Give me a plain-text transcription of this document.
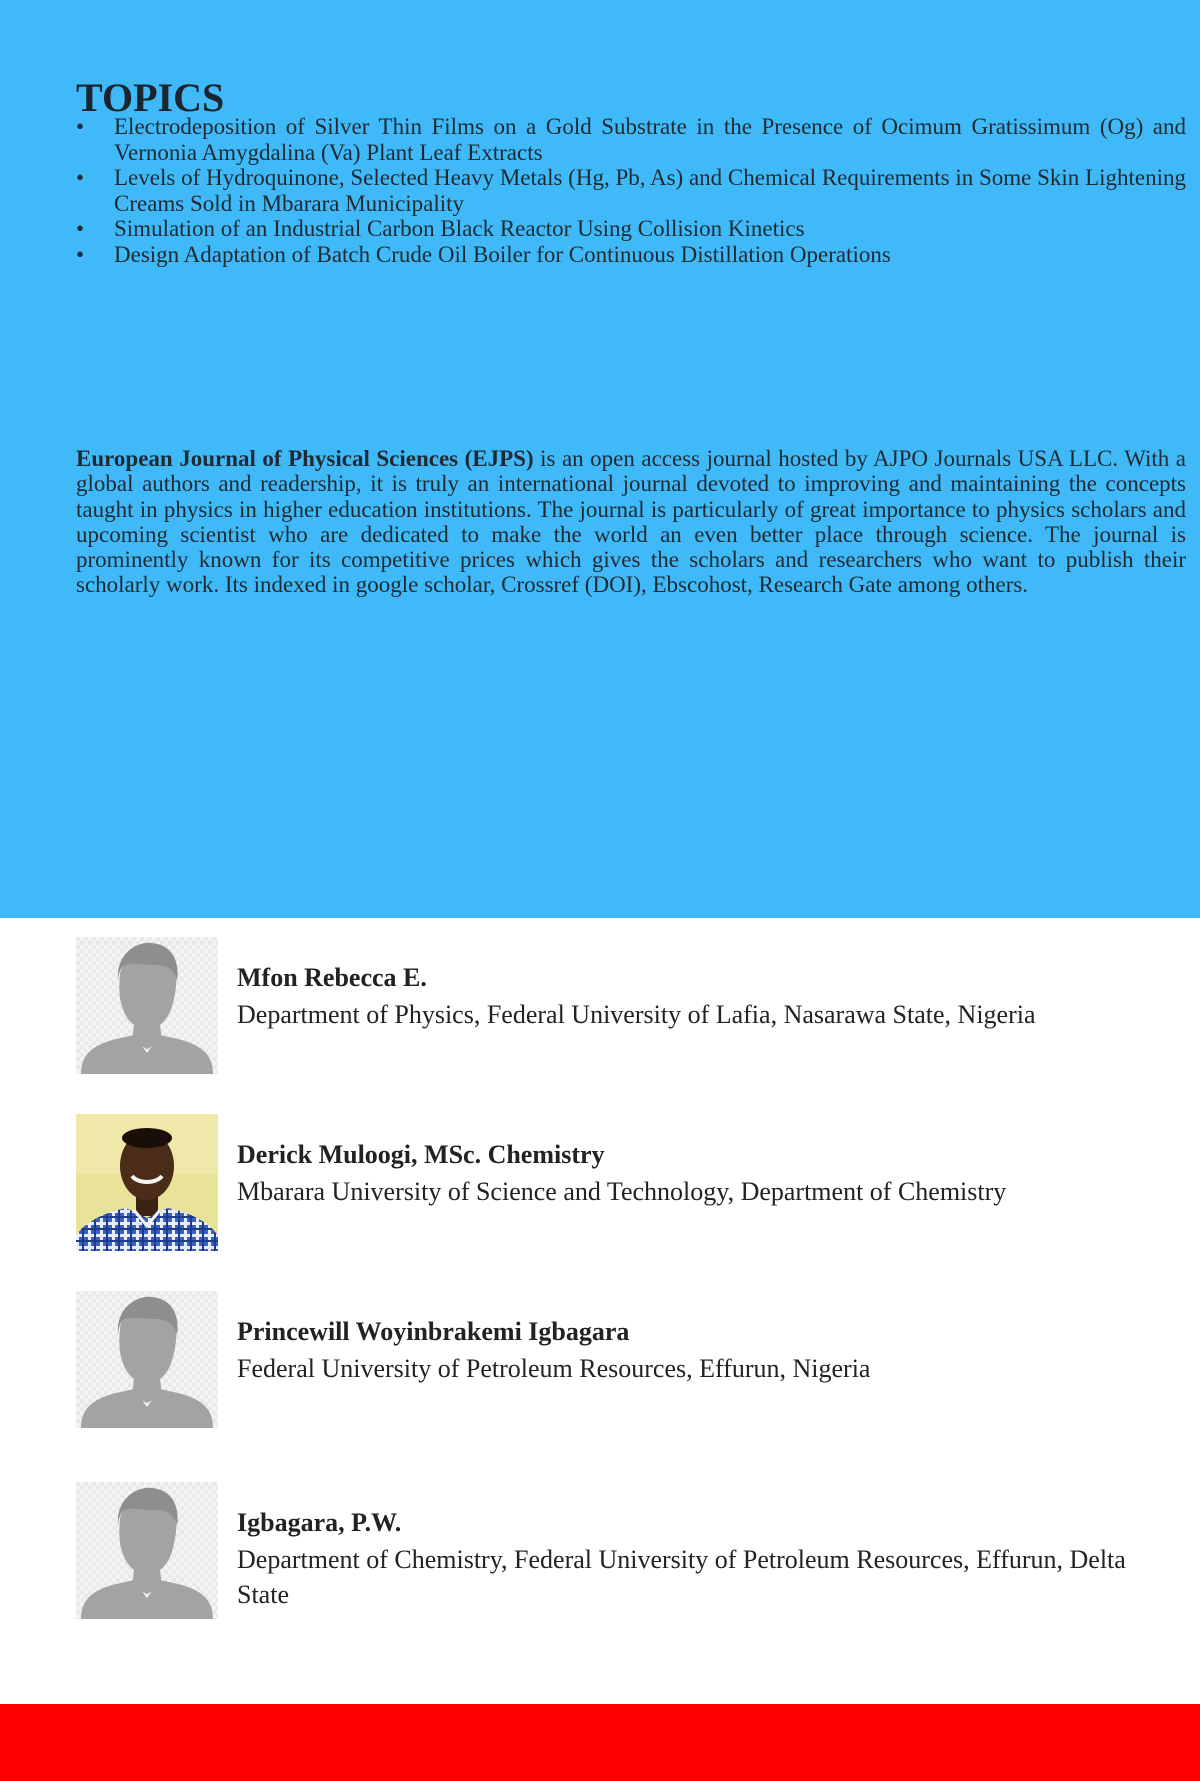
TOPICS
•	Electrodeposition of Silver Thin Films on a Gold Substrate in the Presence of Ocimum Gratissimum (Og) and Vernonia Amygdalina (Va) Plant Leaf Extracts
•	Levels of Hydroquinone, Selected Heavy Metals (Hg, Pb, As) and Chemical Requirements in Some Skin Lightening Creams Sold in Mbarara Municipality
•	Simulation of an Industrial Carbon Black Reactor Using Collision Kinetics
•	Design Adaptation of Batch Crude Oil Boiler for Continuous Distillation Operations

European Journal of Physical Sciences (EJPS) is an open access journal hosted by AJPO Journals USA LLC. With a global authors and readership, it is truly an international journal devoted to improving and maintaining the concepts taught in physics in higher education institutions. The journal is particularly of great importance to physics scholars and upcoming scientist who are dedicated to make the world an even better place through science. The journal is prominently known for its competitive prices which gives the scholars and researchers who want to publish their scholarly work. Its indexed in google scholar, Crossref (DOI), Ebscohost, Research Gate among others.

Mfon Rebecca E.
Department of Physics, Federal University of Lafia, Nasarawa State, Nigeria
Derick Muloogi, MSc. Chemistry
Mbarara University of Science and Technology, Department of Chemistry
Princewill Woyinbrakemi Igbagara
Federal University of Petroleum Resources, Effurun, Nigeria
Igbagara, P.W.
Department of Chemistry, Federal University of Petroleum Resources, Effurun, Delta State
